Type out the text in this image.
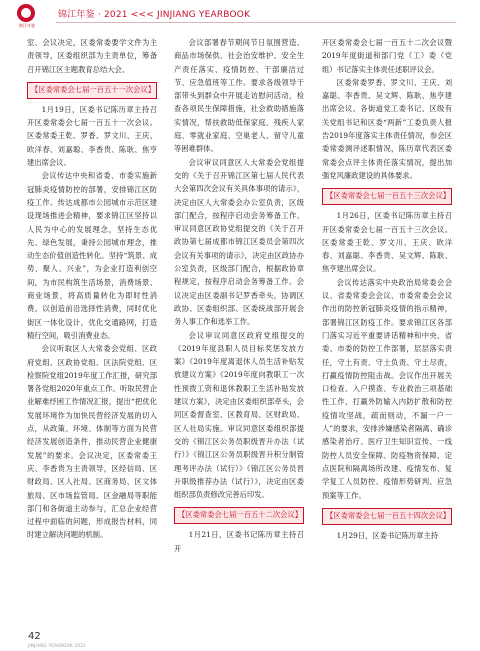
锦江年鉴
锦江年鉴 · 2021 <<< JINJIANG YEARBOOK

室、会议决定，区委常委要学文件为主责领导，区委组织部为主责单位，筹备召开锦江区主题教育总结大会。

【区委常委会七届一百五十一次会议】

1月19日，区委书记陈历章主持召开区委常委会七届一百五十一次会议。区委常委王乾、罗香、罗文川、王庆、欧洋春、刘嘉聪、李香贵、陈耿、焦亨建出席会议。

会议传达中央和省委、市委实施新冠肺炎疫情防控的部署，安排锦江区防疫工作。传达成都市公园城市示范区建设现场推进会精神，要求锦江区坚持以人民为中心的发展理念，坚持生态优先、绿色发展，秉持公园城市理念，推动生态价值创造性转化。坚持“筑景、成势、聚人、兴业”，为企业打造利创空间，为市民构筑生活场景，消费场景、商业场景，将高质量转化为即时性消费。以创造前沿选择性消费，同时优化街区一体化设计，优化交通路网，打造精行空间，吸引消费业态。

会议听取区人大常委会党组、区政府党组、区政协党组、区法院党组、区检察院党组2019年度工作汇报，研究部署各党组2020年重点工作。听取民营企业解难纾困工作情况汇报，提出“把优化发展环境作为加快民营经济发展的切入点，从政策、环境、体制等方面为民营经济发展创造条件，推动民营企业健康发展”的要求。会议决定，区委常委王庆、李香贵为主责领导，区经信局、区财政局、区人社局、区商务局、区文体旅局、区市场监管局、区金融局等职能部门和各街道主动参与，汇总企业经营过程中面临的问题，形成报告材料，同时建立解决问题的机制。

会议部署春节期间节日氛围营造、商品市场保供、社会治安维护、安全生产责任落实、疫情防控、干部廉洁过节、应急值班等工作。要求各级领导干部带头到群众中开展走访慰问活动，检查各项民生保障措施，社会救助措施落实情况，帮扶救助低保家庭、残疾人家庭、零就业家庭、空巢老人、留守儿童等困难群体。

会议审议同意区人大常委会党组提交的《关于召开锦江区第七届人民代表大会第四次会议有关具体事项的请示》，决定由区人大常委会办公室负责，区级部门配合，按程序启动会务筹备工作。审议同意区政协党组提交的《关于召开政协第七届成都市锦江区委员会第四次会议有关事项的请示》，决定由区政协办公室负责，区级部门配合，根据政协章程规定，按程序启动会务筹备工作。会议决定由区委副书记罗香牵头，协调区政协、区委组织部、区委统战部开展会务人事工作和选举工作。

会议审议同意区政府党组提交的《2019年度县职人员目标奖惩发放方案》《2019年度离退休人员生活补贴发放建议方案》《2019年度向教职工一次性预拨工资和退休教职工生活补贴发放建议方案》，决定由区委组织部牵头，会同区委督查室、区教育局、区财政局、区人社局实施。审议同意区委组织部提交的《锦江区公务员职级晋升办法（试行）》《锦江区公务员职级晋升积分制管理考评办法（试行）》《锦江区公务员晋升职级推荐办法（试行）》，决定由区委组织部负责修改完善后印发。

【区委常委会七届一百五十二次会议】

1月21日，区委书记陈历章主持召开

开区委常委会七届一百五十二次会议暨2019年度街道和部门党（工）委（党组）书记落实主体责任述职评议会。

区委常委罗香、罗文川、王庆、刘嘉聪、李香贵、吴文辉、陈耿、焦亨建出席会议。各街道党工委书记、区级有关党组书记和区委“两新”工委负责人报告2019年度落实主体责任情况，参会区委常委测评述职情况，陈历章代表区委常委会点评主体责任落实情况，提出加强党风廉政建设的具体要求。

【区委常委会七届一百五十三次会议】

1月26日，区委书记陈历章主持召开区委常委会七届一百五十三次会议。区委常委王乾、罗文川、王庆、欧洋春、刘嘉聪、李香贵、吴文辉、陈耿、焦亨建出席会议。

会议传达落实中央政治局常委会会议、省委常委会会议、市委常委会会议作出的防控新冠肺炎疫情的指示精神，部署锦江区防疫工作。要求锦江区各部门落实习近平重要讲话精神和中央、省委、市委的防控工作部署，层层落实责任，守土有责、守土负责、守土尽责，打赢疫情防控阻击战。会议作出开展关口检查、入户摸查、专业救治三项基础性工作，打赢外防输入内防扩散和防控疫情攻坚战，疏而则动，不漏一户一人”的要求，安排涉嫌感染者隔离、确诊感染者治疗、医疗卫生知识宣传、一线防控人员安全保障、防疫物资保障、定点医院和隔离场所改建、疫情发布、复学复工人员防控、疫情形势研判、应急预案等工作。

【区委常委会七届一百五十四次会议】

1月29日，区委书记陈历章主持

42
JINJIANG YEARBOOK 2021
